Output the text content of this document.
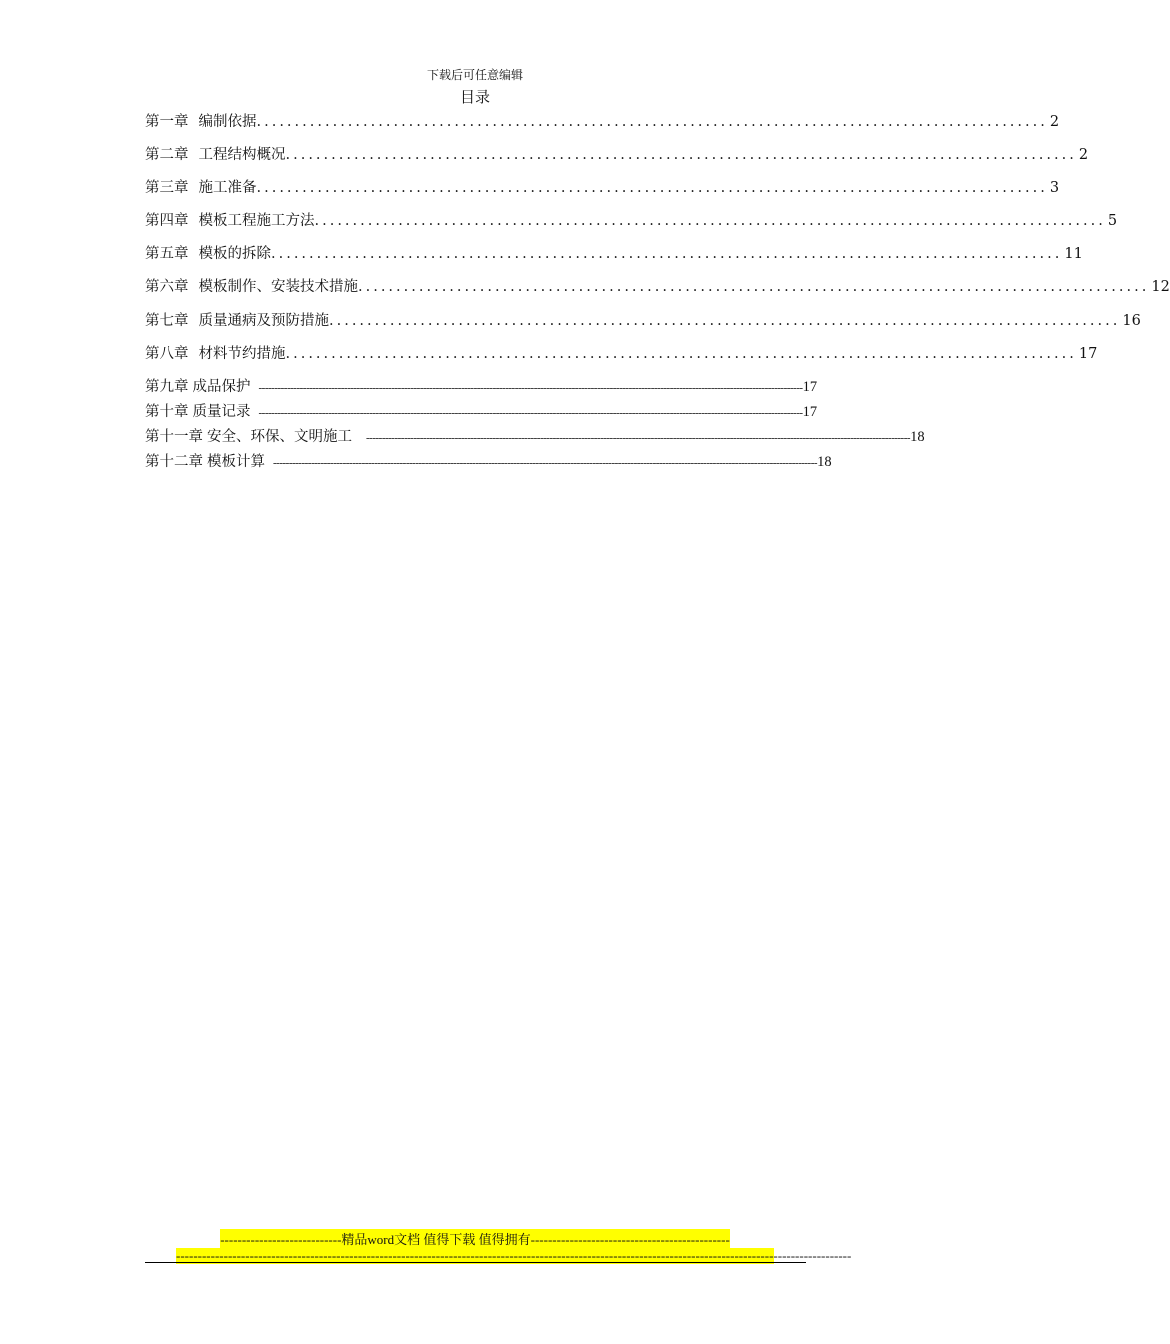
下载后可任意编辑
目录
第一章 编制依据 ........................................................................................................ 2
第二章 工程结构概况 ........................................................................................................ 2
第三章 施工准备 ........................................................................................................ 3
第四章 模板工程施工方法 ........................................................................................................ 5
第五章 模板的拆除 ........................................................................................................ 11
第六章 模板制作、安装技术措施 ........................................................................................................ 12
第七章 质量通病及预防措施 ........................................................................................................ 16
第八章 材料节约措施 ........................................................................................................ 17
第九章 成品保护 ---------------------------------------------------------------------------------------------------------------------------------------------------------------------------- 17
第十章 质量记录 ---------------------------------------------------------------------------------------------------------------------------------------------------------------------------- 17
第十一章 安全、环保、文明施工 ---------------------------------------------------------------------------------------------------------------------------------------------------------------------------- 18
第十二章 模板计算 ---------------------------------------------------------------------------------------------------------------------------------------------------------------------------- 18
----------------------------精品word文档 值得下载 值得拥有----------------------------------------------
------------------------------------------------------------------------------------------------------------------------------------------------------------
